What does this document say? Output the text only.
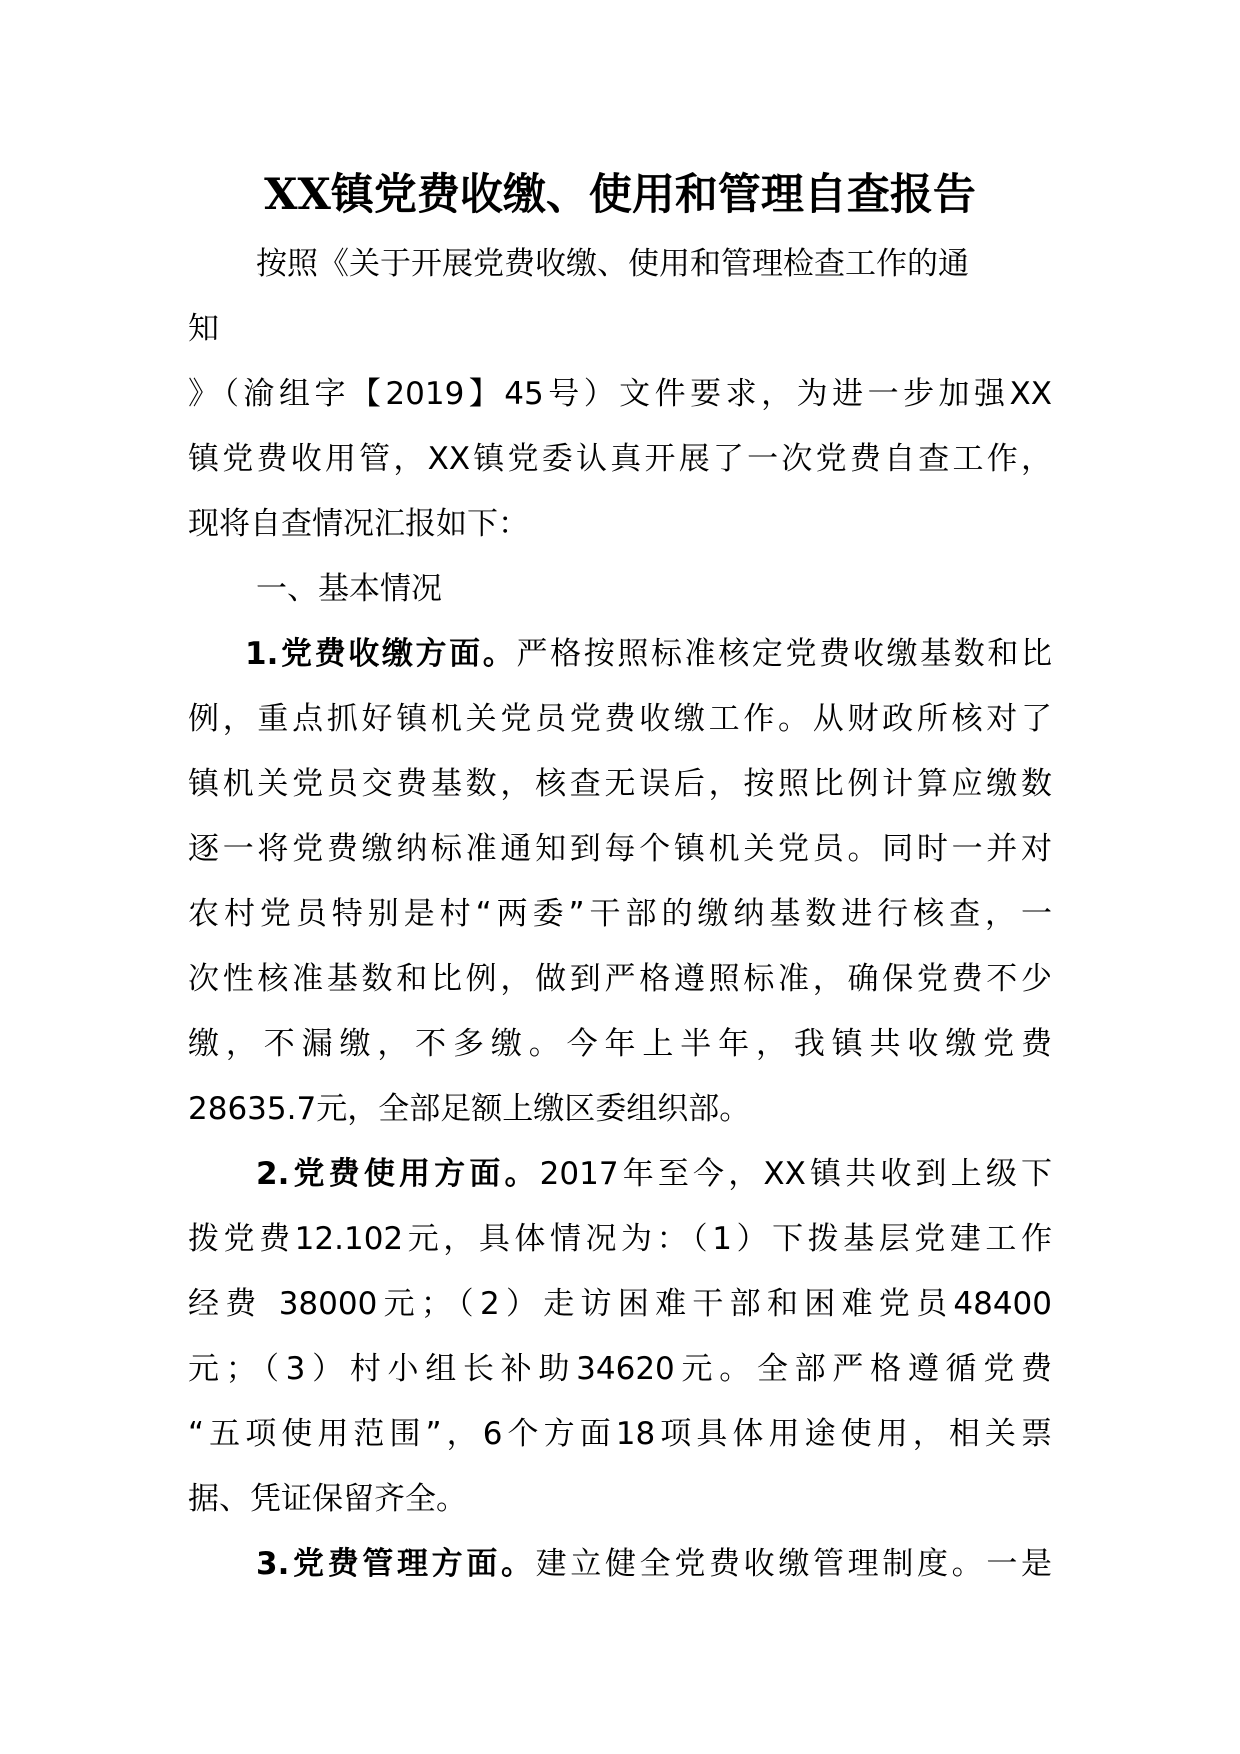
XX镇党费收缴、使用和管理自查报告

按照《关于开展党费收缴、使用和管理检查工作的通

知

》（渝组字【2019】45号）文件要求，为进一步加强XX

镇党费收用管，XX镇党委认真开展了一次党费自查工作，

现将自查情况汇报如下：

一、基本情况

1.党费收缴方面。严格按照标准核定党费收缴基数和比

例，重点抓好镇机关党员党费收缴工作。从财政所核对了

镇机关党员交费基数，核查无误后，按照比例计算应缴数

逐一将党费缴纳标准通知到每个镇机关党员。同时一并对

农村党员特别是村“两委”干部的缴纳基数进行核查，一

次性核准基数和比例，做到严格遵照标准，确保党费不少

缴，不漏缴，不多缴。今年上半年，我镇共收缴党费

28635.7元，全部足额上缴区委组织部。

2.党费使用方面。2017年至今，XX镇共收到上级下

拨党费12.102元，具体情况为：（1）下拨基层党建工作

经费 38000元；（2）走访困难干部和困难党员48400

元；（3）村小组长补助34620元。全部严格遵循党费

“五项使用范围”，6个方面18项具体用途使用，相关票

据、凭证保留齐全。

3.党费管理方面。建立健全党费收缴管理制度。一是
